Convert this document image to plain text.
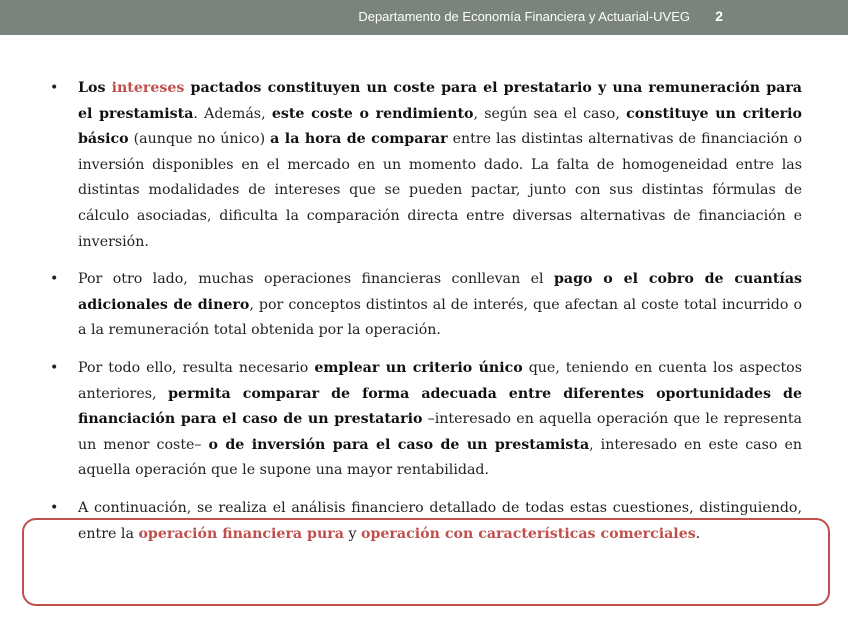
Departamento de Economía Financiera y Actuarial-UVEG 2
• Los intereses pactados constituyen un coste para el prestatario y una remuneración para el prestamista. Además, este coste o rendimiento, según sea el caso, constituye un criterio básico (aunque no único) a la hora de comparar entre las distintas alternativas de financiación o inversión disponibles en el mercado en un momento dado. La falta de homogeneidad entre las distintas modalidades de intereses que se pueden pactar, junto con sus distintas fórmulas de cálculo asociadas, dificulta la comparación directa entre diversas alternativas de financiación e inversión.
• Por otro lado, muchas operaciones financieras conllevan el pago o el cobro de cuantías adicionales de dinero, por conceptos distintos al de interés, que afectan al coste total incurrido o a la remuneración total obtenida por la operación.
• Por todo ello, resulta necesario emplear un criterio único que, teniendo en cuenta los aspectos anteriores, permita comparar de forma adecuada entre diferentes oportunidades de financiación para el caso de un prestatario –interesado en aquella operación que le representa un menor coste– o de inversión para el caso de un prestamista, interesado en este caso en aquella operación que le supone una mayor rentabilidad.
• A continuación, se realiza el análisis financiero detallado de todas estas cuestiones, distinguiendo, entre la operación financiera pura y operación con características comerciales.
